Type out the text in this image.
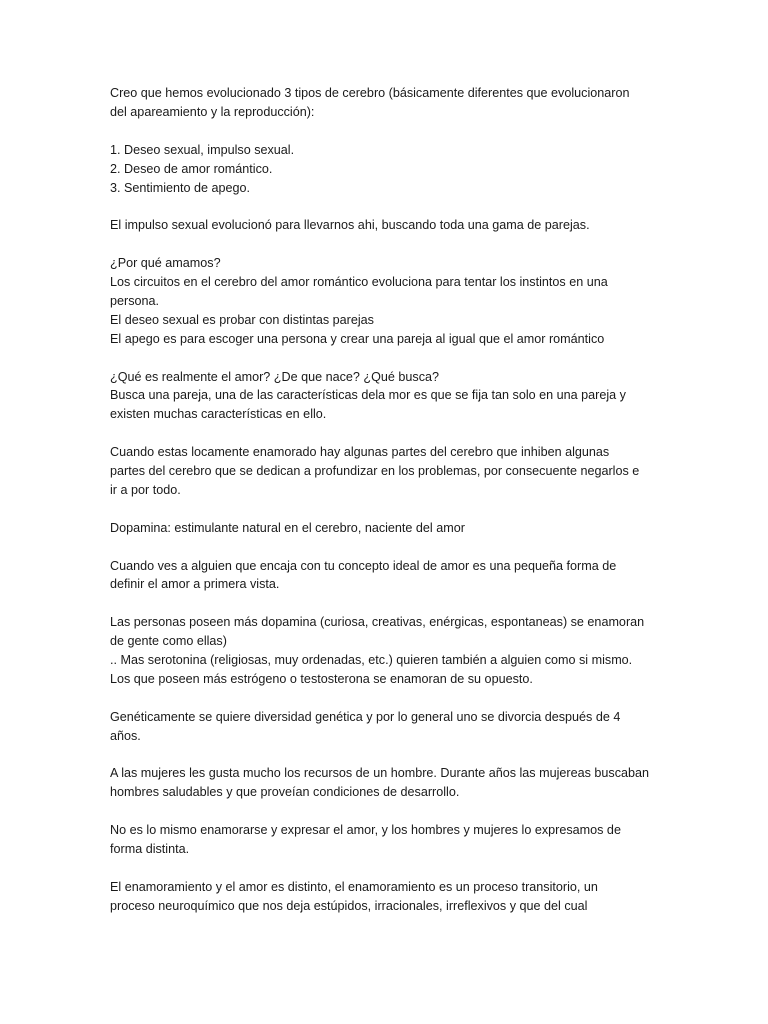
Creo que hemos evolucionado 3 tipos de cerebro (básicamente diferentes que evolucionaron
del apareamiento y la reproducción):

1. Deseo sexual, impulso sexual.
2. Deseo de amor romántico.
3. Sentimiento de apego.

El impulso sexual evolucionó para llevarnos ahi, buscando toda una gama de parejas.

¿Por qué amamos?
Los circuitos en el cerebro del amor romántico evoluciona para tentar los instintos en una
persona.
El deseo sexual es probar con distintas parejas
El apego es para escoger una persona y crear una pareja al igual que el amor romántico

¿Qué es realmente el amor? ¿De que nace? ¿Qué busca?
Busca una pareja, una de las características dela mor es que se fija tan solo en una pareja y
existen muchas características en ello.

Cuando estas locamente enamorado hay algunas partes del cerebro que inhiben algunas
partes del cerebro que se dedican a profundizar en los problemas, por consecuente negarlos e
ir a por todo.

Dopamina: estimulante natural en el cerebro, naciente del amor

Cuando ves a alguien que encaja con tu concepto ideal de amor es una pequeña forma de
definir el amor a primera vista.

Las personas poseen más dopamina (curiosa, creativas, enérgicas, espontaneas) se enamoran
de gente como ellas)
.. Mas serotonina (religiosas, muy ordenadas, etc.) quieren también a alguien como si mismo.
Los que poseen más estrógeno o testosterona se enamoran de su opuesto.

Genéticamente se quiere diversidad genética y por lo general uno se divorcia después de 4
años.

A las mujeres les gusta mucho los recursos de un hombre. Durante años las mujereas buscaban
hombres saludables y que proveían condiciones de desarrollo.

No es lo mismo enamorarse y expresar el amor, y los hombres y mujeres lo expresamos de
forma distinta.

El enamoramiento y el amor es distinto, el enamoramiento es un proceso transitorio, un
proceso neuroquímico que nos deja estúpidos, irracionales, irreflexivos y que del cual
